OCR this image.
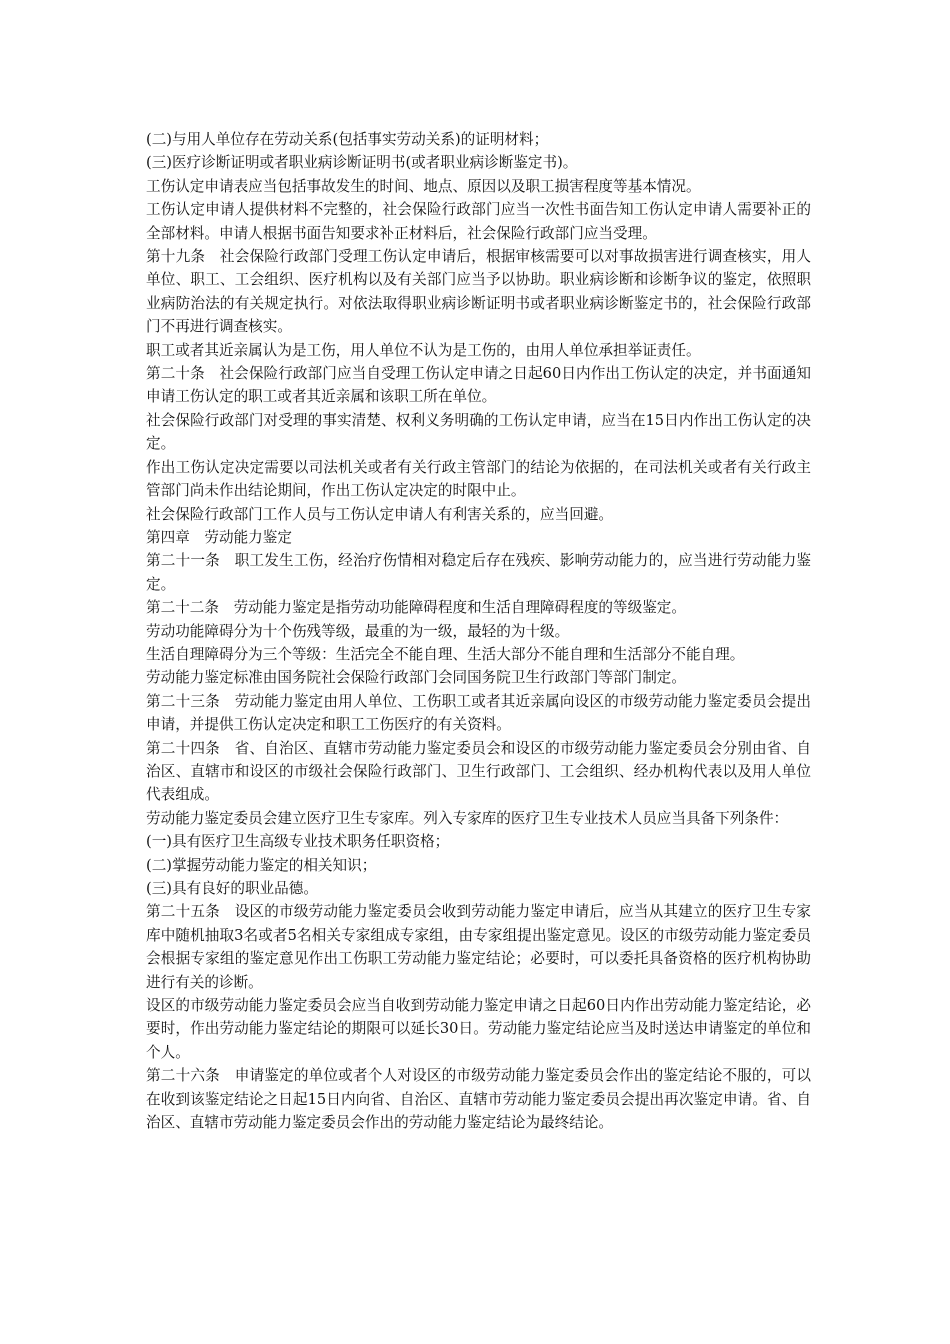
(二)与用人单位存在劳动关系(包括事实劳动关系)的证明材料；

(三)医疗诊断证明或者职业病诊断证明书(或者职业病诊断鉴定书)。

工伤认定申请表应当包括事故发生的时间、地点、原因以及职工损害程度等基本情况。

工伤认定申请人提供材料不完整的，社会保险行政部门应当一次性书面告知工伤认定申请人需要补正的全部材料。申请人根据书面告知要求补正材料后，社会保险行政部门应当受理。

第十九条　社会保险行政部门受理工伤认定申请后，根据审核需要可以对事故损害进行调查核实，用人单位、职工、工会组织、医疗机构以及有关部门应当予以协助。职业病诊断和诊断争议的鉴定，依照职业病防治法的有关规定执行。对依法取得职业病诊断证明书或者职业病诊断鉴定书的，社会保险行政部门不再进行调查核实。

职工或者其近亲属认为是工伤，用人单位不认为是工伤的，由用人单位承担举证责任。

第二十条　社会保险行政部门应当自受理工伤认定申请之日起60日内作出工伤认定的决定，并书面通知申请工伤认定的职工或者其近亲属和该职工所在单位。

社会保险行政部门对受理的事实清楚、权利义务明确的工伤认定申请，应当在15日内作出工伤认定的决定。

作出工伤认定决定需要以司法机关或者有关行政主管部门的结论为依据的，在司法机关或者有关行政主管部门尚未作出结论期间，作出工伤认定决定的时限中止。

社会保险行政部门工作人员与工伤认定申请人有利害关系的，应当回避。

第四章　劳动能力鉴定

第二十一条　职工发生工伤，经治疗伤情相对稳定后存在残疾、影响劳动能力的，应当进行劳动能力鉴定。

第二十二条　劳动能力鉴定是指劳动功能障碍程度和生活自理障碍程度的等级鉴定。

劳动功能障碍分为十个伤残等级，最重的为一级，最轻的为十级。

生活自理障碍分为三个等级：生活完全不能自理、生活大部分不能自理和生活部分不能自理。

劳动能力鉴定标准由国务院社会保险行政部门会同国务院卫生行政部门等部门制定。

第二十三条　劳动能力鉴定由用人单位、工伤职工或者其近亲属向设区的市级劳动能力鉴定委员会提出申请，并提供工伤认定决定和职工工伤医疗的有关资料。

第二十四条　省、自治区、直辖市劳动能力鉴定委员会和设区的市级劳动能力鉴定委员会分别由省、自治区、直辖市和设区的市级社会保险行政部门、卫生行政部门、工会组织、经办机构代表以及用人单位代表组成。

劳动能力鉴定委员会建立医疗卫生专家库。列入专家库的医疗卫生专业技术人员应当具备下列条件：

(一)具有医疗卫生高级专业技术职务任职资格；

(二)掌握劳动能力鉴定的相关知识；

(三)具有良好的职业品德。

第二十五条　设区的市级劳动能力鉴定委员会收到劳动能力鉴定申请后，应当从其建立的医疗卫生专家库中随机抽取3名或者5名相关专家组成专家组，由专家组提出鉴定意见。设区的市级劳动能力鉴定委员会根据专家组的鉴定意见作出工伤职工劳动能力鉴定结论；必要时，可以委托具备资格的医疗机构协助进行有关的诊断。

设区的市级劳动能力鉴定委员会应当自收到劳动能力鉴定申请之日起60日内作出劳动能力鉴定结论，必要时，作出劳动能力鉴定结论的期限可以延长30日。劳动能力鉴定结论应当及时送达申请鉴定的单位和个人。

第二十六条　申请鉴定的单位或者个人对设区的市级劳动能力鉴定委员会作出的鉴定结论不服的，可以在收到该鉴定结论之日起15日内向省、自治区、直辖市劳动能力鉴定委员会提出再次鉴定申请。省、自治区、直辖市劳动能力鉴定委员会作出的劳动能力鉴定结论为最终结论。
